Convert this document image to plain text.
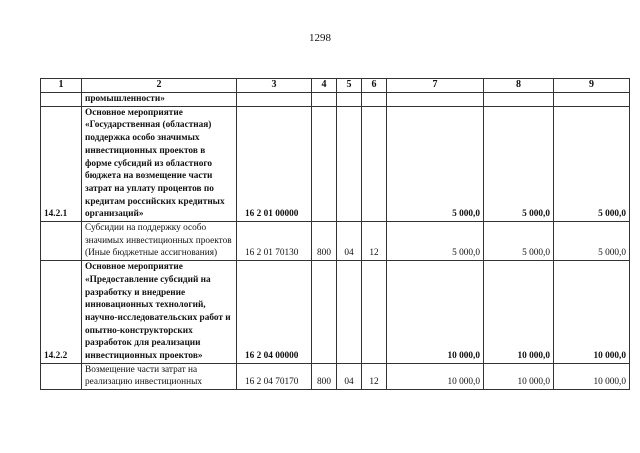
1298
1	2	3	4	5	6	7	8	9
	промышленности»							
14.2.1	Основное мероприятие «Государственная (областная) поддержка особо значимых инвестиционных проектов в форме субсидий из областного бюджета на возмещение части затрат на уплату процентов по кредитам российских кредитных организаций»	16 2 01 00000				5 000,0	5 000,0	5 000,0
	Субсидии на поддержку особо значимых инвестиционных проектов (Иные бюджетные ассигнования)	16 2 01 70130	800	04	12	5 000,0	5 000,0	5 000,0
14.2.2	Основное мероприятие «Предоставление субсидий на разработку и внедрение инновационных технологий, научно-исследовательских работ и опытно-конструкторских разработок для реализации инвестиционных проектов»	16 2 04 00000				10 000,0	10 000,0	10 000,0
	Возмещение части затрат на реализацию инвестиционных	16 2 04 70170	800	04	12	10 000,0	10 000,0	10 000,0
